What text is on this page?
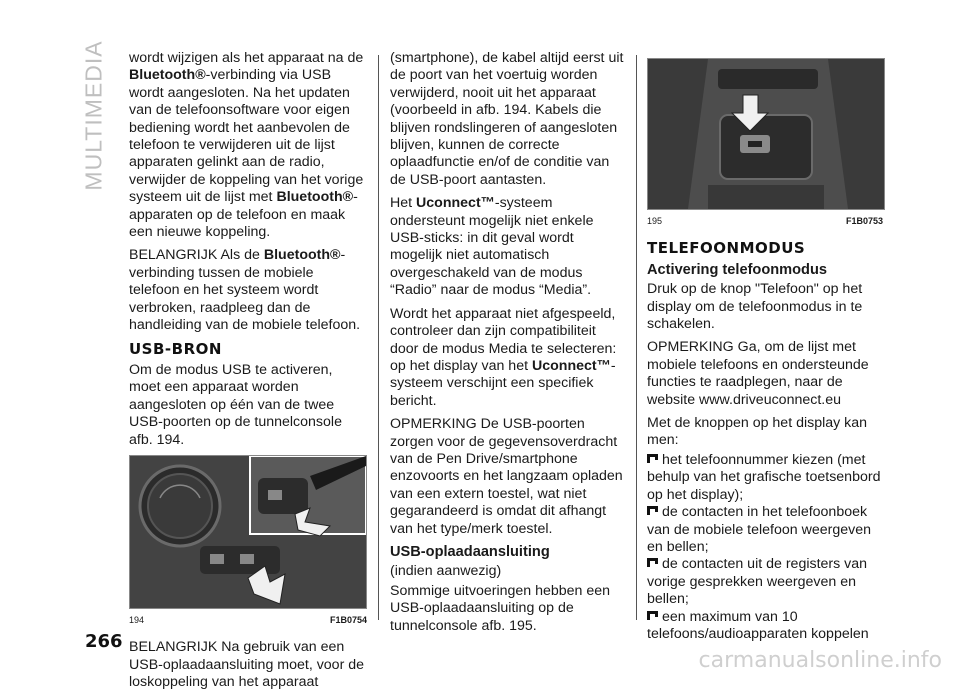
MULTIMEDIA wordt wijzigen als het apparaat na de Bluetooth®-verbinding via USB wordt aangesloten. Na het updaten van de telefoonsoftware voor eigen bediening wordt het aanbevolen de telefoon te verwijderen uit de lijst apparaten gelinkt aan de radio, verwijder de koppeling van het vorige systeem uit de lijst met Bluetooth®-apparaten op de telefoon en maak een nieuwe koppeling.

BELANGRIJK Als de Bluetooth®-verbinding tussen de mobiele telefoon en het systeem wordt verbroken, raadpleeg dan de handleiding van de mobiele telefoon.

USB-BRON

Om de modus USB te activeren, moet een apparaat worden aangesloten op één van de twee USB-poorten op de tunnelconsole afb. 194.

194	F1B0754

BELANGRIJK Na gebruik van een USB-oplaadaansluiting moet, voor de loskoppeling van het apparaat

(smartphone), de kabel altijd eerst uit de poort van het voertuig worden verwijderd, nooit uit het apparaat (voorbeeld in afb. 194. Kabels die blijven rondslingeren of aangesloten blijven, kunnen de correcte oplaadfunctie en/of de conditie van de USB-poort aantasten.

Het Uconnect™-systeem ondersteunt mogelijk niet enkele USB-sticks: in dit geval wordt mogelijk niet automatisch overgeschakeld van de modus “Radio” naar de modus “Media”.

Wordt het apparaat niet afgespeeld, controleer dan zijn compatibiliteit door de modus Media te selecteren: op het display van het Uconnect™-systeem verschijnt een specifiek bericht.

OPMERKING De USB-poorten zorgen voor de gegevensoverdracht van de Pen Drive/smartphone enzovoorts en het langzaam opladen van een extern toestel, wat niet gegarandeerd is omdat dit afhangt van het type/merk toestel.

USB-oplaadaansluiting

(indien aanwezig)

Sommige uitvoeringen hebben een USB-oplaadaansluiting op de tunnelconsole afb. 195.

195	F1B0753
TELEFOONMODUS
Activering telefoonmodus

Druk op de knop "Telefoon" op het display om de telefoonmodus in te schakelen.

OPMERKING Ga, om de lijst met mobiele telefoons en ondersteunde functies te raadplegen, naar de website www.driveuconnect.eu

Met de knoppen op het display kan men:

het telefoonnummer kiezen (met behulp van het grafische toetsenbord op het display);
de contacten in het telefoonboek van de mobiele telefoon weergeven en bellen;
de contacten uit de registers van vorige gesprekken weergeven en bellen;
een maximum van 10 telefoons/audioapparaten koppelen
266
carmanualsonline.info
